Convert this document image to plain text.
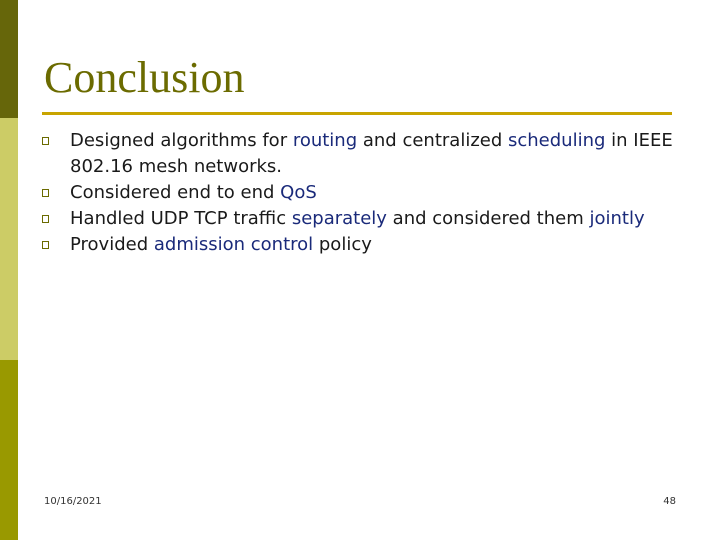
Conclusion
Designed algorithms for routing and centralized scheduling in IEEE 802.16 mesh networks.
Considered end to end QoS
Handled UDP TCP traffic separately and considered them jointly
Provided admission control policy
10/16/2021	48
